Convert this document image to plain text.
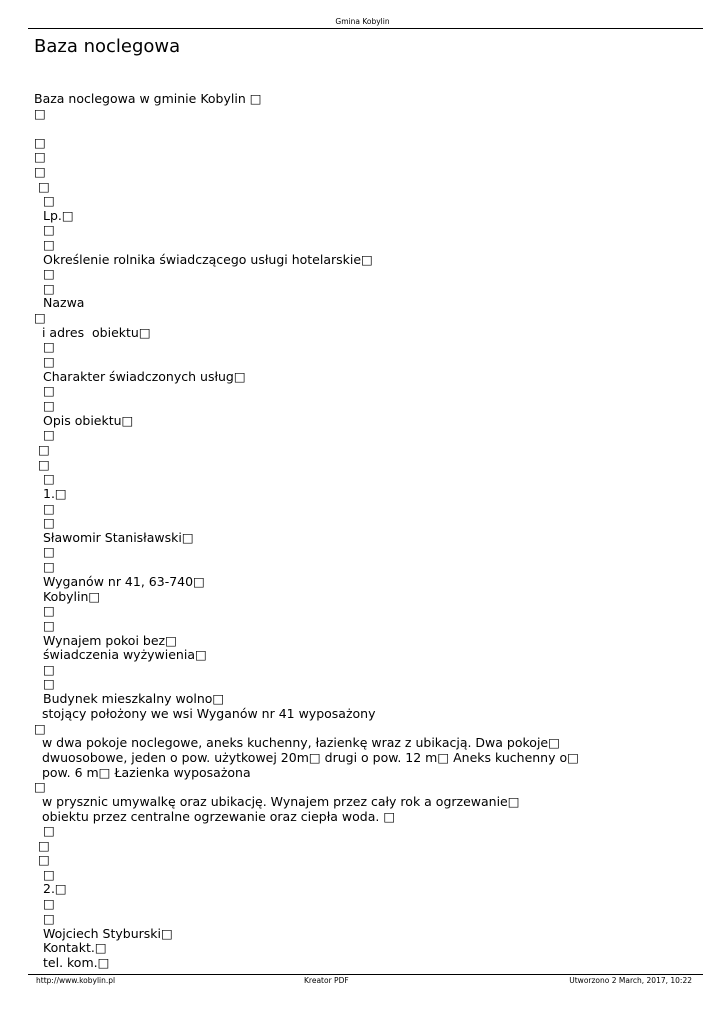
Gmina Kobylin
Baza noclegowa
Baza noclegowa w gminie Kobylin □
□
□
□
□
□
□
Lp.□
□
□
Określenie rolnika świadczącego usługi hotelarskie□
□
□
Nazwa
□
i adres  obiektu□
□
□
Charakter świadczonych usług□
□
□
Opis obiektu□
□
□
□
□
1.□
□
□
Sławomir Stanisławski□
□
□
Wyganów nr 41, 63-740□
Kobylin□
□
□
Wynajem pokoi bez□
świadczenia wyżywienia□
□
□
Budynek mieszkalny wolno□
stojący położony we wsi Wyganów nr 41 wyposażony
□
w dwa pokoje noclegowe, aneks kuchenny, łazienkę wraz z ubikacją. Dwa pokoje□
dwuosobowe, jeden o pow. użytkowej 20m□ drugi o pow. 12 m□ Aneks kuchenny o□
pow. 6 m□ Łazienka wyposażona
□
w prysznic umywalkę oraz ubikację. Wynajem przez cały rok a ogrzewanie□
obiektu przez centralne ogrzewanie oraz ciepła woda. □
□
□
□
□
2.□
□
□
Wojciech Styburski□
Kontakt.□
tel. kom.□
http://www.kobylin.pl	Kreator PDF	Utworzono 2 March, 2017, 10:22
